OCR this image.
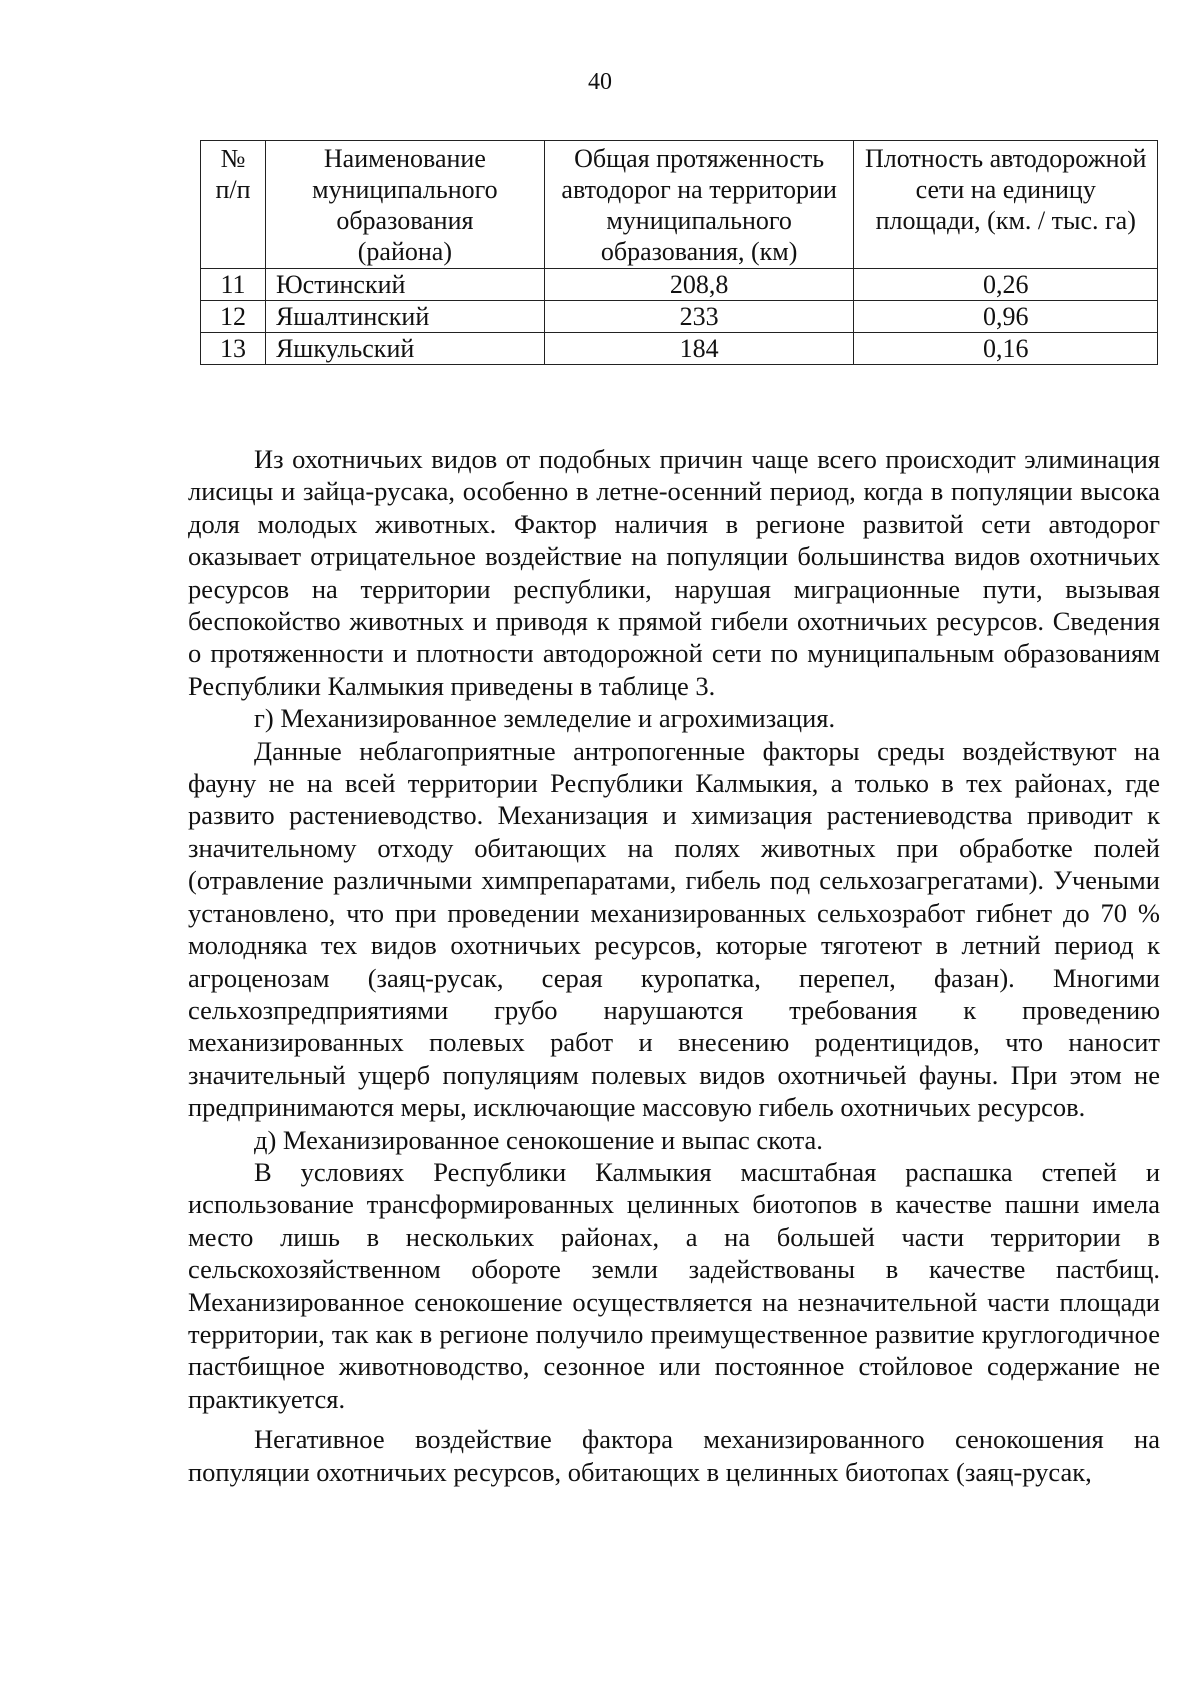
40
№ п/п	Наименование муниципального образования (района)	Общая протяженность автодорог на территории муниципального образования, (км)	Плотность автодорожной сети на единицу площади, (км. / тыс. га)
11	Юстинский	208,8	0,26
12	Яшалтинский	233	0,96
13	Яшкульский	184	0,16

Из охотничьих видов от подобных причин чаще всего происходит элиминация лисицы и зайца-русака, особенно в летне-осенний период, когда в популяции высока доля молодых животных. Фактор наличия в регионе развитой сети автодорог оказывает отрицательное воздействие на популяции большинства видов охотничьих ресурсов на территории республики, нарушая миграционные пути, вызывая беспокойство животных и приводя к прямой гибели охотничьих ресурсов. Сведения о протяженности и плотности автодорожной сети по муниципальным образованиям Республики Калмыкия приведены в таблице 3.

г) Механизированное земледелие и агрохимизация.

Данные неблагоприятные антропогенные факторы среды воздействуют на фауну не на всей территории Республики Калмыкия, а только в тех районах, где развито растениеводство. Механизация и химизация растениеводства приводит к значительному отходу обитающих на полях животных при обработке полей (отравление различными химпрепаратами, гибель под сельхозагрегатами). Учеными установлено, что при проведении механизированных сельхозработ гибнет до 70 % молодняка тех видов охотничьих ресурсов, которые тяготеют в летний период к агроценозам (заяц-русак, серая куропатка, перепел, фазан). Многими сельхозпредприятиями грубо нарушаются требования к проведению механизированных полевых работ и внесению родентицидов, что наносит значительный ущерб популяциям полевых видов охотничьей фауны. При этом не предпринимаются меры, исключающие массовую гибель охотничьих ресурсов.

д) Механизированное сенокошение и выпас скота.

В условиях Республики Калмыкия масштабная распашка степей и использование трансформированных целинных биотопов в качестве пашни имела место лишь в нескольких районах, а на большей части территории в сельскохозяйственном обороте земли задействованы в качестве пастбищ. Механизированное сенокошение осуществляется на незначительной части площади территории, так как в регионе получило преимущественное развитие круглогодичное пастбищное животноводство, сезонное или постоянное стойловое содержание не практикуется.

Негативное воздействие фактора механизированного сенокошения на популяции охотничьих ресурсов, обитающих в целинных биотопах (заяц-русак,
